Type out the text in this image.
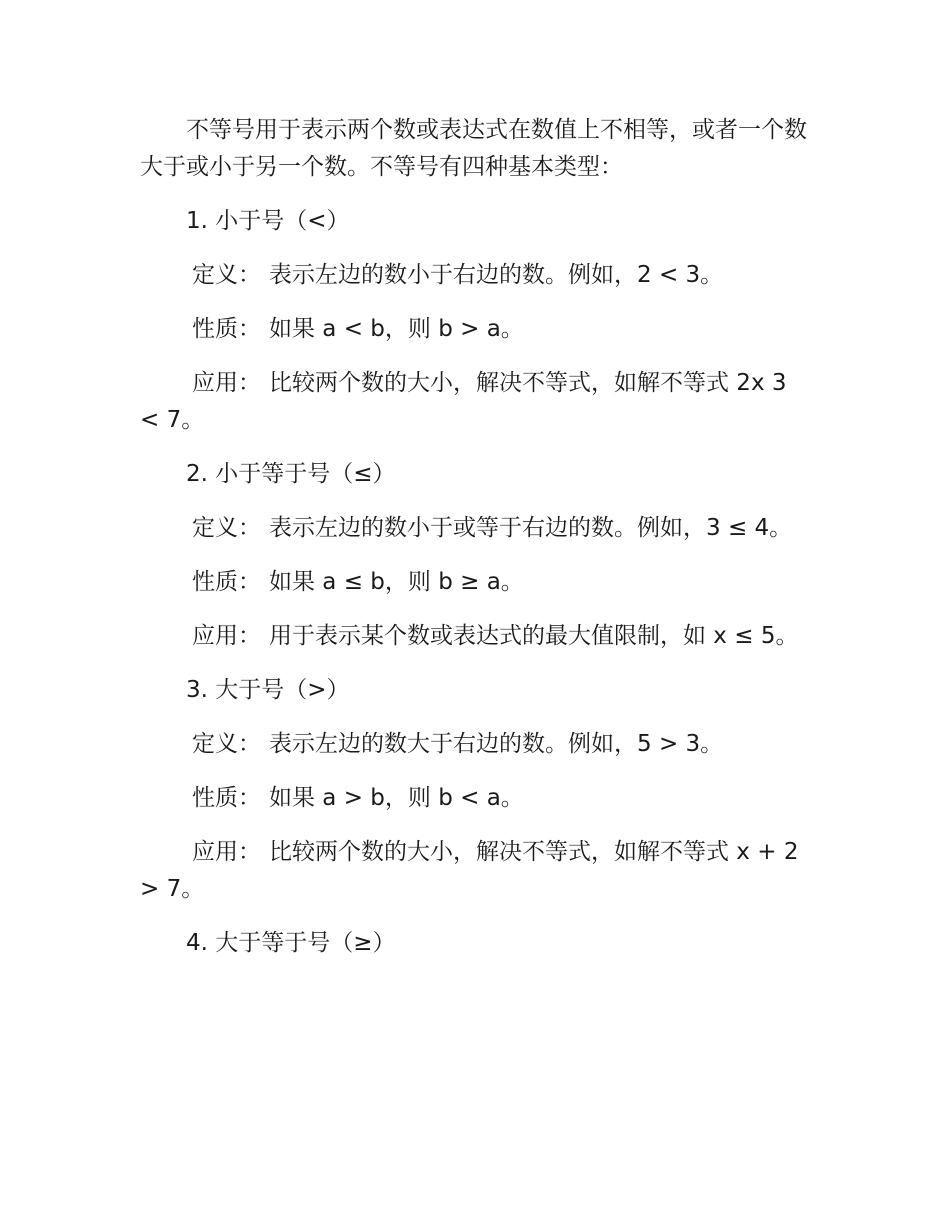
不等号用于表示两个数或表达式在数值上不相等，或者一个数大于或小于另一个数。不等号有四种基本类型：

1. 小于号（<）

定义： 表示左边的数小于右边的数。例如，2 < 3。

性质： 如果 a < b，则 b > a。

应用： 比较两个数的大小，解决不等式，如解不等式 2x 3 < 7。

2. 小于等于号（≤）

定义： 表示左边的数小于或等于右边的数。例如，3 ≤ 4。

性质： 如果 a ≤ b，则 b ≥ a。

应用： 用于表示某个数或表达式的最大值限制，如 x ≤ 5。

3. 大于号（>）

定义： 表示左边的数大于右边的数。例如，5 > 3。

性质： 如果 a > b，则 b < a。

应用： 比较两个数的大小，解决不等式，如解不等式 x + 2 > 7。

4. 大于等于号（≥）
